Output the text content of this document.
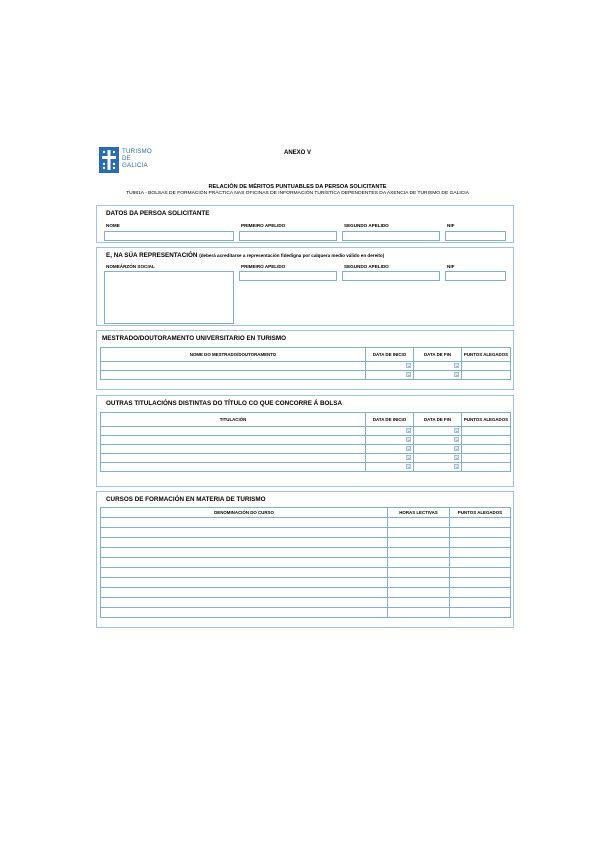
TURISMO
DE
GALICIA
ANEXO V
RELACIÓN DE MÉRITOS PUNTUABLES DA PERSOA SOLICITANTE
TU981A - BOLSAS DE FORMACIÓN PRÁCTICA NAS OFICINAS DE INFORMACIÓN TURÍSTICA DEPENDENTES DA AXENCIA DE TURISMO DE GALICIA
DATOS DA PERSOA SOLICITANTE
NOME	PRIMEIRO APELIDO	SEGUNDO APELIDO	NIF
E, NA SÚA REPRESENTACIÓN (deberá acreditarse a representación fidedigna por calquera medio válido en dereito)
NOMEÁRZÓN SOCIAL	PRIMEIRO APELIDO	SEGUNDO APELIDO	NIF
MESTRADO/DOUTORAMENTO UNIVERSITARIO EN TURISMO
NOME DO MESTRADO/DOUTORAMENTO	DATA DE INICIO	DATA DE FIN	PUNTOS ALEGADOS

OUTRAS TITULACIÓNS DISTINTAS DO TÍTULO CO QUE CONCORRE Á BOLSA
TITULACIÓN	DATA DE INICIO	DATA DE FIN	PUNTOS ALEGADOS

CURSOS DE FORMACIÓN EN MATERIA DE TURISMO
DENOMINACIÓN DO CURSO	HORAS LECTIVAS	PUNTOS ALEGADOS
